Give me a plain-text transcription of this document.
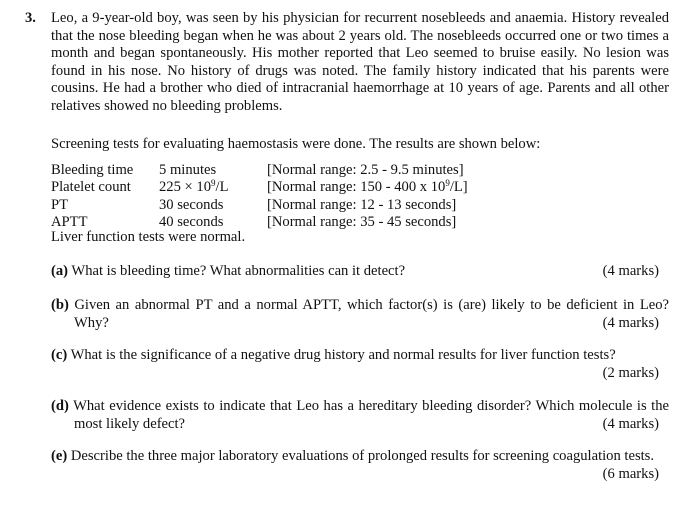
3. Leo, a 9-year-old boy, was seen by his physician for recurrent nosebleeds and anaemia. History revealed that the nose bleeding began when he was about 2 years old. The nosebleeds occurred one or two times a month and began spontaneously. His mother reported that Leo seemed to bruise easily. No lesion was found in his nose. No history of drugs was noted. The family history indicated that his parents were cousins. He had a brother who died of intracranial haemorrhage at 10 years of age. Parents and all other relatives showed no bleeding problems.
Screening tests for evaluating haemostasis were done. The results are shown below:
Bleeding time 5 minutes	[Normal range: 2.5 - 9.5 minutes]
Platelet count $225 \times 10^9/L$	[Normal range: 150 - 400 x $10^9/L$]
PT	30 seconds	[Normal range: 12 - 13 seconds]
APTT	40 seconds	[Normal range: 35 - 45 seconds]
Liver function tests were normal.
(a) What is bleeding time? What abnormalities can it detect?	(4 marks)
(b) Given an abnormal PT and a normal APTT, which factor(s) is (are) likely to be deficient in Leo?
Why?	(4 marks)
(c) What is the significance of a negative drug history and normal results for liver function tests?
(2 marks)
(d) What evidence exists to indicate that Leo has a hereditary bleeding disorder? Which molecule is the
most likely defect?	(4 marks)
(e) Describe the three major laboratory evaluations of prolonged results for screening coagulation tests.
(6 marks)
